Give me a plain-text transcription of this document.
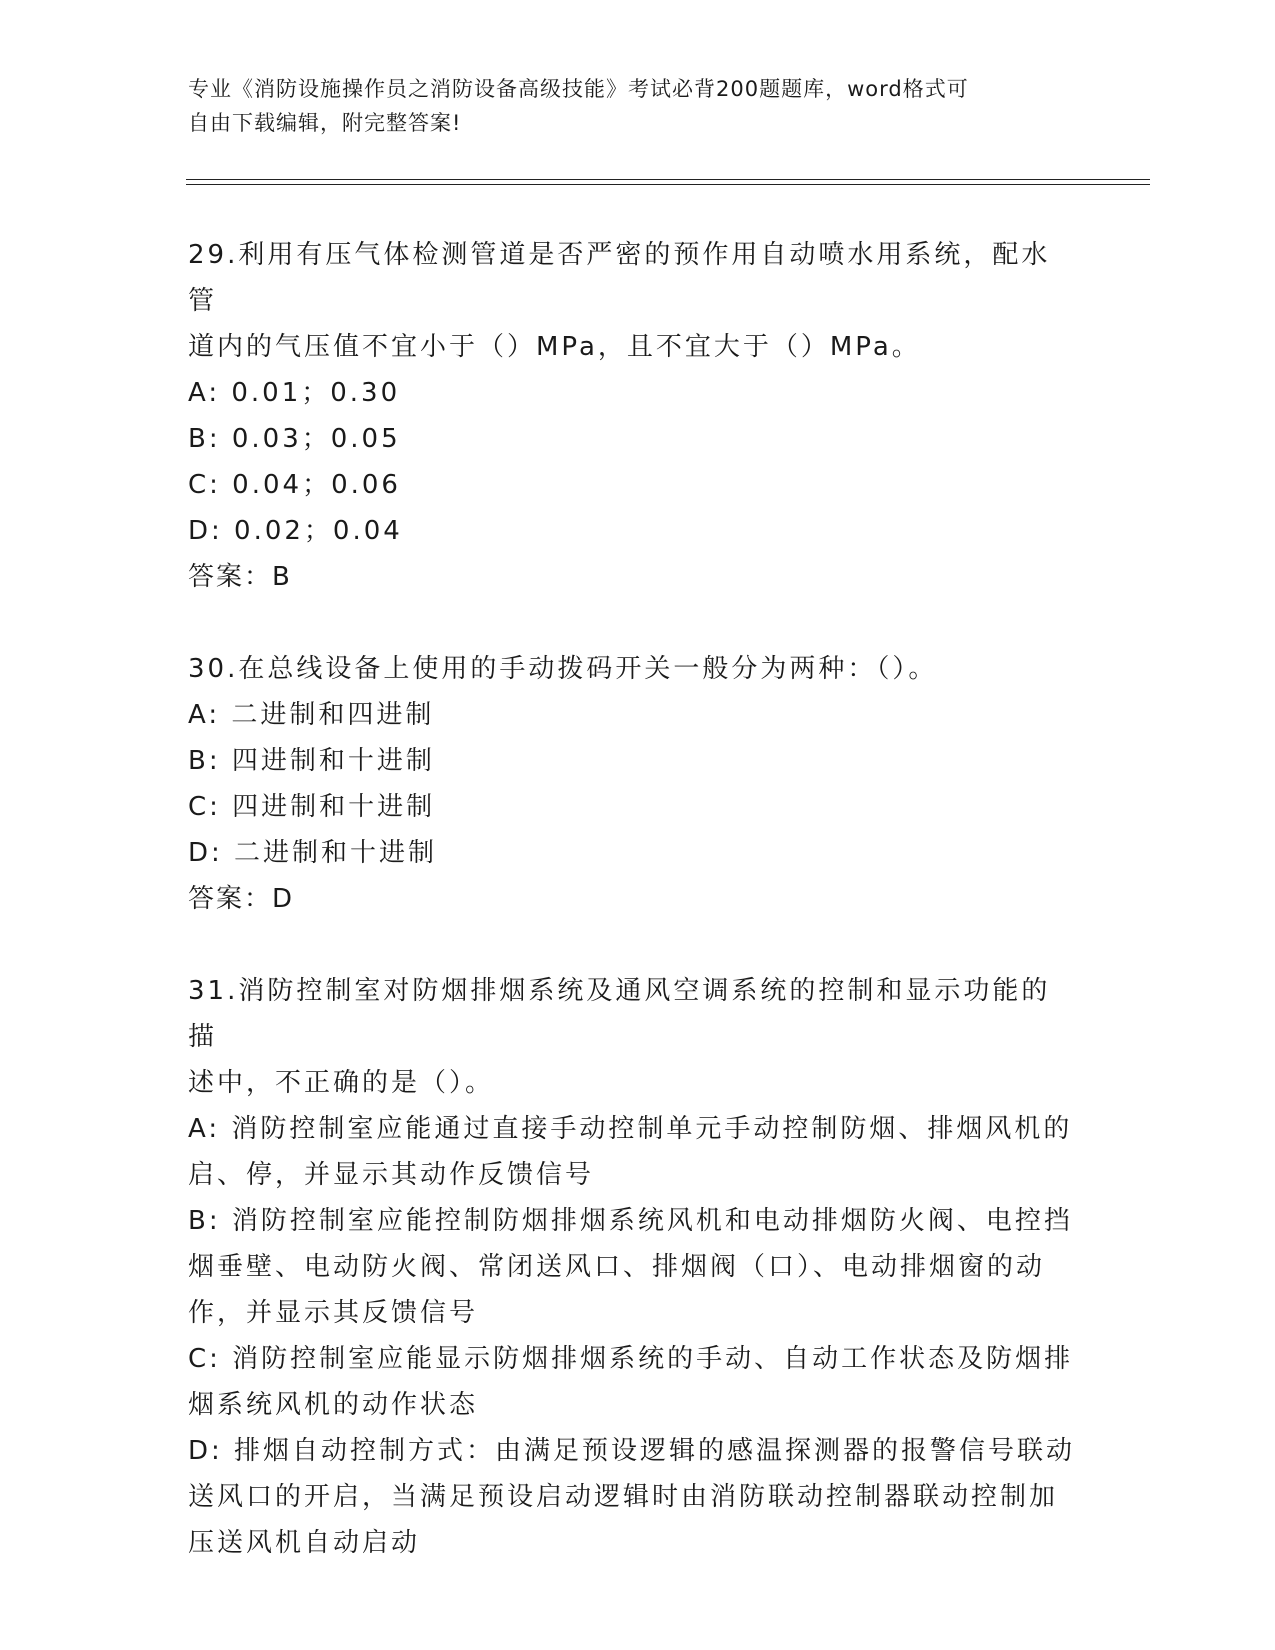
专业《消防设施操作员之消防设备高级技能》考试必背200题题库，word格式可
自由下载编辑，附完整答案!
29.利用有压气体检测管道是否严密的预作用自动喷水用系统，配水管
道内的气压值不宜小于（）MPa，且不宜大于（）MPa。
A: 0.01；0.30
B: 0.03；0.05
C: 0.04；0.06
D: 0.02；0.04
答案：B
30.在总线设备上使用的手动拨码开关一般分为两种：（）。
A: 二进制和四进制
B: 四进制和十进制
C: 四进制和十进制
D: 二进制和十进制
答案：D
31.消防控制室对防烟排烟系统及通风空调系统的控制和显示功能的描
述中，不正确的是（）。
A: 消防控制室应能通过直接手动控制单元手动控制防烟、排烟风机的
启、停，并显示其动作反馈信号
B: 消防控制室应能控制防烟排烟系统风机和电动排烟防火阀、电控挡
烟垂壁、电动防火阀、常闭送风口、排烟阀（口）、电动排烟窗的动
作，并显示其反馈信号
C: 消防控制室应能显示防烟排烟系统的手动、自动工作状态及防烟排
烟系统风机的动作状态
D: 排烟自动控制方式：由满足预设逻辑的感温探测器的报警信号联动
送风口的开启，当满足预设启动逻辑时由消防联动控制器联动控制加
压送风机自动启动
